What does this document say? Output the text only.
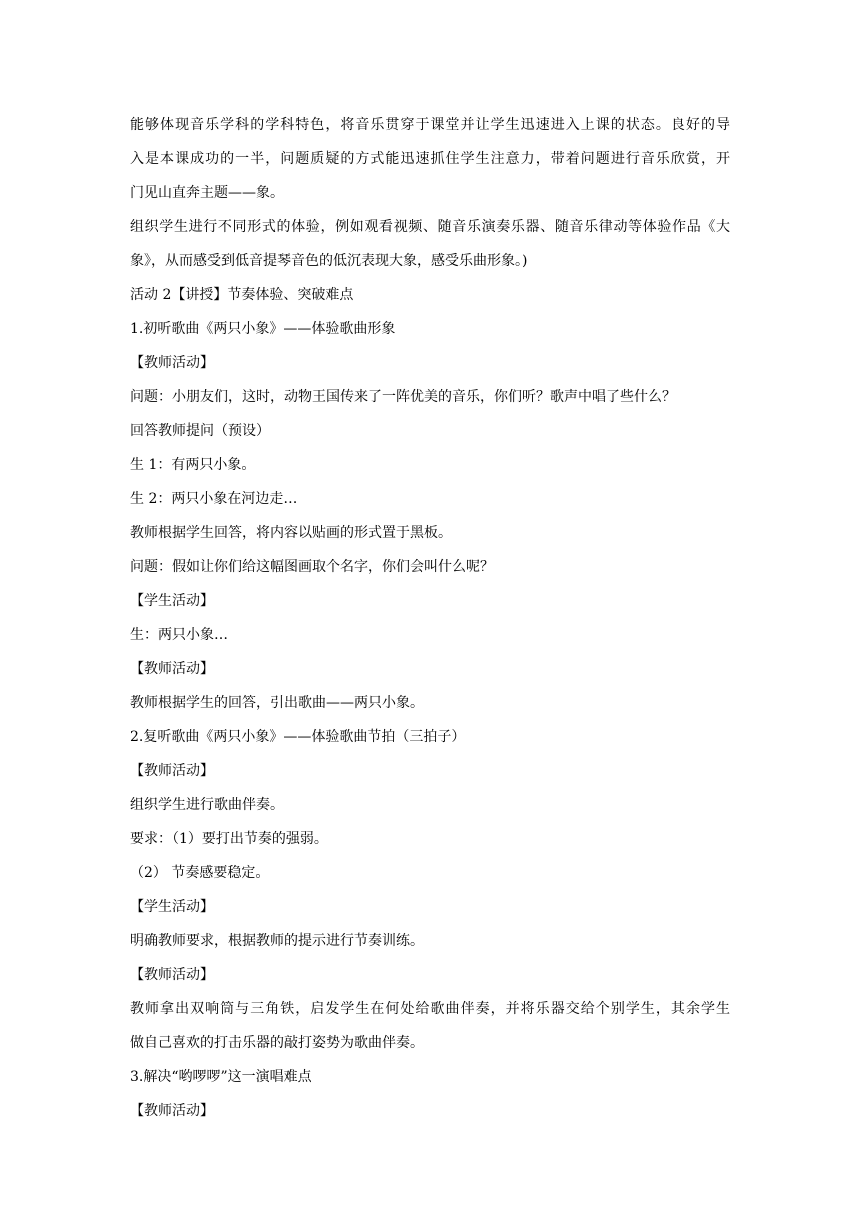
能够体现音乐学科的学科特色，将音乐贯穿于课堂并让学生迅速进入上课的状态。良好的导
入是本课成功的一半，问题质疑的方式能迅速抓住学生注意力，带着问题进行音乐欣赏，开
门见山直奔主题——象。
组织学生进行不同形式的体验，例如观看视频、随音乐演奏乐器、随音乐律动等体验作品《大
象》，从而感受到低音提琴音色的低沉表现大象，感受乐曲形象。)
活动 2【讲授】节奏体验、突破难点
1.初听歌曲《两只小象》——体验歌曲形象
【教师活动】
问题：小朋友们，这时，动物王国传来了一阵优美的音乐，你们听？歌声中唱了些什么？
回答教师提问（预设）
生 1：有两只小象。
生 2：两只小象在河边走…
教师根据学生回答，将内容以贴画的形式置于黑板。
问题：假如让你们给这幅图画取个名字，你们会叫什么呢？
【学生活动】
生：两只小象…
【教师活动】
教师根据学生的回答，引出歌曲——两只小象。
2.复听歌曲《两只小象》——体验歌曲节拍（三拍子）
【教师活动】
组织学生进行歌曲伴奏。
要求：（1）要打出节奏的强弱。
（2） 节奏感要稳定。
【学生活动】
明确教师要求，根据教师的提示进行节奏训练。
【教师活动】
教师拿出双响筒与三角铁，启发学生在何处给歌曲伴奏，并将乐器交给个别学生，其余学生
做自己喜欢的打击乐器的敲打姿势为歌曲伴奏。
3.解决“哟啰啰”这一演唱难点
【教师活动】
